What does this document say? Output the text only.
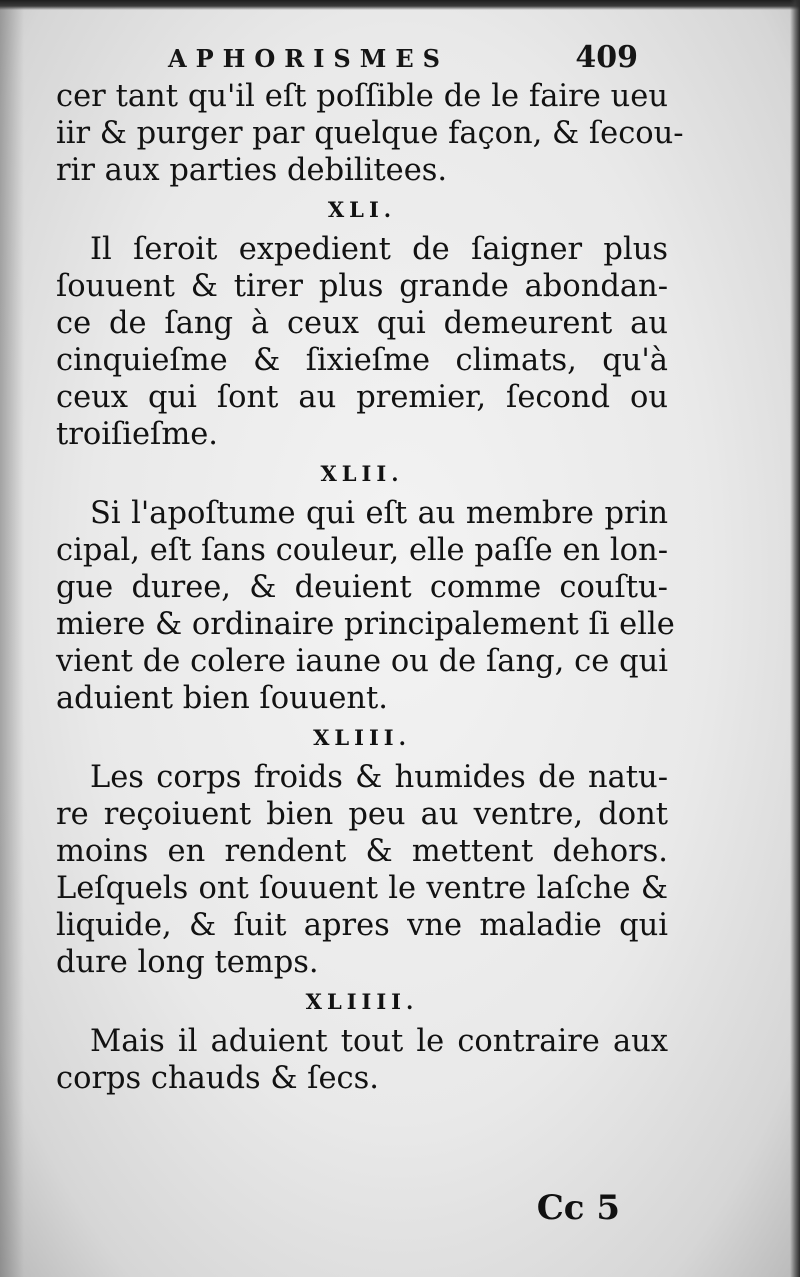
APHORISMES	409
cer tant qu'il eſt poſſible de le faire ueu
iir & purger par quelque façon, & ſecou-
rir aux parties debilitees.
XLI.
Il ſeroit expedient de ſaigner plus
ſouuent & tirer plus grande abondan-
ce de ſang à ceux qui demeurent au
cinquieſme & ſixieſme climats, qu'à
ceux qui ſont au premier, ſecond ou
troiſieſme.
XLII.
Si l'apoſtume qui eſt au membre prin
cipal, eſt ſans couleur, elle paſſe en lon-
gue duree, & deuient comme couſtu-
miere & ordinaire principalement ſi elle
vient de colere iaune ou de ſang, ce qui
aduient bien ſouuent.
XLIII.
Les corps froids & humides de natu-
re reçoiuent bien peu au ventre, dont
moins en rendent & mettent dehors.
Leſquels ont ſouuent le ventre laſche &
liquide, & ſuit apres vne maladie qui
dure long temps.
XLIIII.
Mais il aduient tout le contraire aux
corps chauds & ſecs.
Cc 5
